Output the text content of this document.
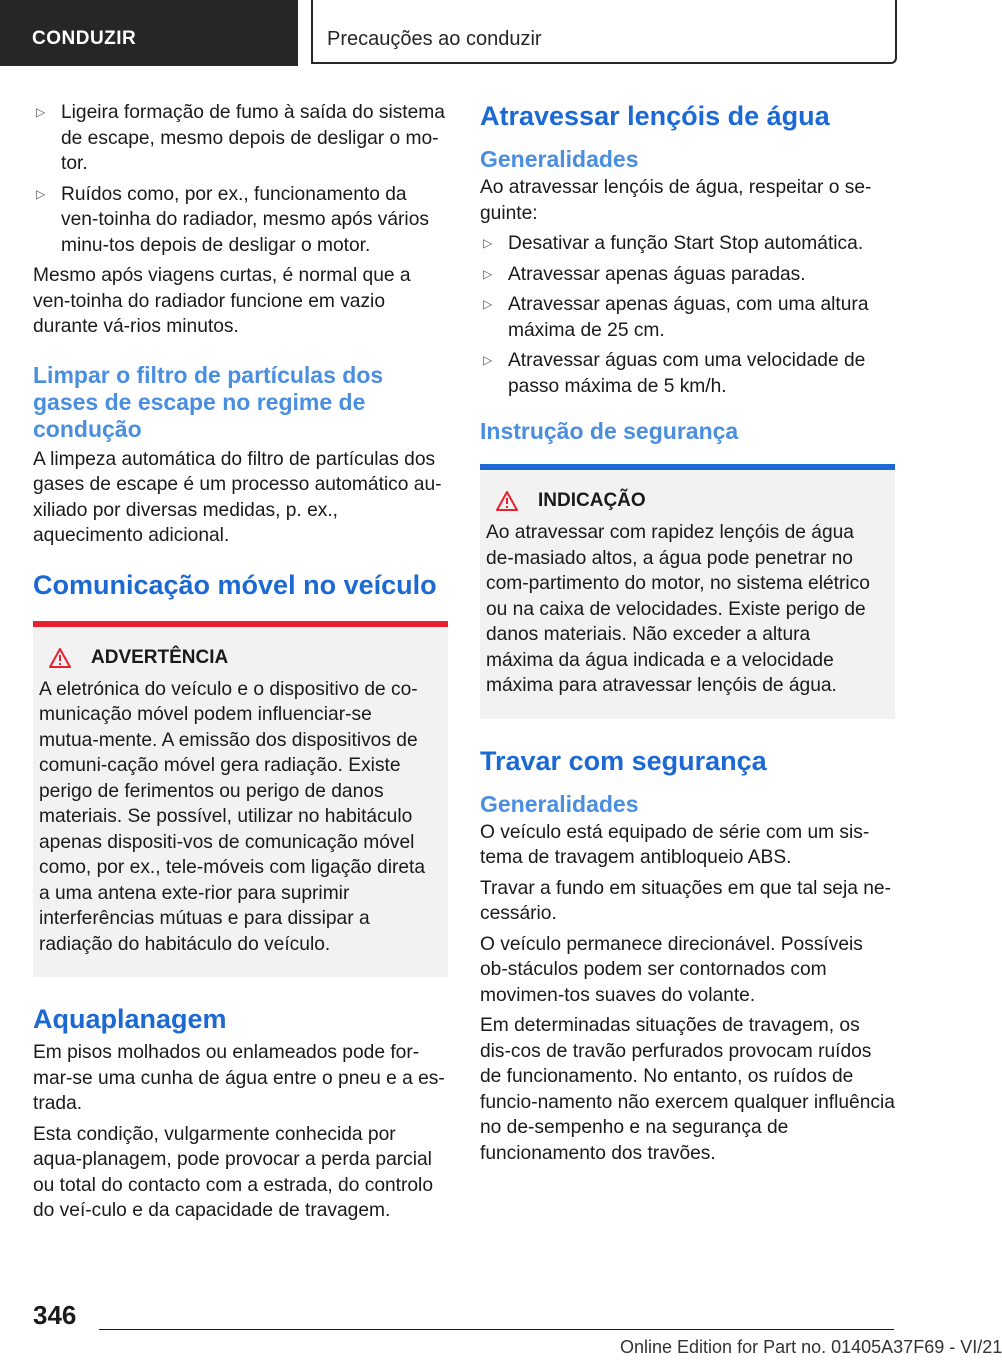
CONDUZIR	Precauções ao conduzir
▷ Ligeira formação de fumo à saída do sistema de escape, mesmo depois de desligar o mo-tor.
▷ Ruídos como, por ex., funcionamento da ven-toinha do radiador, mesmo após vários minu-tos depois de desligar o motor.

Mesmo após viagens curtas, é normal que a ven-toinha do radiador funcione em vazio durante vá-rios minutos.

Limpar o filtro de partículas dos gases de escape no regime de condução

A limpeza automática do filtro de partículas dos gases de escape é um processo automático au-xiliado por diversas medidas, p. ex., aquecimento adicional.

Comunicação móvel no veículo
ADVERTÊNCIA

A eletrónica do veículo e o dispositivo de co-municação móvel podem influenciar-se mutua-mente. A emissão dos dispositivos de comuni-cação móvel gera radiação. Existe perigo de ferimentos ou perigo de danos materiais. Se possível, utilizar no habitáculo apenas dispositi-vos de comunicação móvel como, por ex., tele-móveis com ligação direta a uma antena exte-rior para suprimir interferências mútuas e para dissipar a radiação do habitáculo do veículo.

Aquaplanagem

Em pisos molhados ou enlameados pode for-mar-se uma cunha de água entre o pneu e a es-trada.

Esta condição, vulgarmente conhecida por aqua-planagem, pode provocar a perda parcial ou total do contacto com a estrada, do controlo do veí-culo e da capacidade de travagem.

Atravessar lençóis de água
Generalidades

Ao atravessar lençóis de água, respeitar o se-guinte:

▷ Desativar a função Start Stop automática.
▷ Atravessar apenas águas paradas.
▷ Atravessar apenas águas, com uma altura máxima de 25 cm.
▷ Atravessar águas com uma velocidade de passo máxima de 5 km/h.
Instrução de segurança
INDICAÇÃO

Ao atravessar com rapidez lençóis de água de-masiado altos, a água pode penetrar no com-partimento do motor, no sistema elétrico ou na caixa de velocidades. Existe perigo de danos materiais. Não exceder a altura máxima da água indicada e a velocidade máxima para atravessar lençóis de água.

Travar com segurança
Generalidades

O veículo está equipado de série com um sis-tema de travagem antibloqueio ABS.

Travar a fundo em situações em que tal seja ne-cessário.

O veículo permanece direcionável. Possíveis ob-stáculos podem ser contornados com movimen-tos suaves do volante.

Em determinadas situações de travagem, os dis-cos de travão perfurados provocam ruídos de funcionamento. No entanto, os ruídos de funcio-namento não exercem qualquer influência no de-sempenho e na segurança de funcionamento dos travões.

346
Online Edition for Part no. 01405A37F69 - VI/21
